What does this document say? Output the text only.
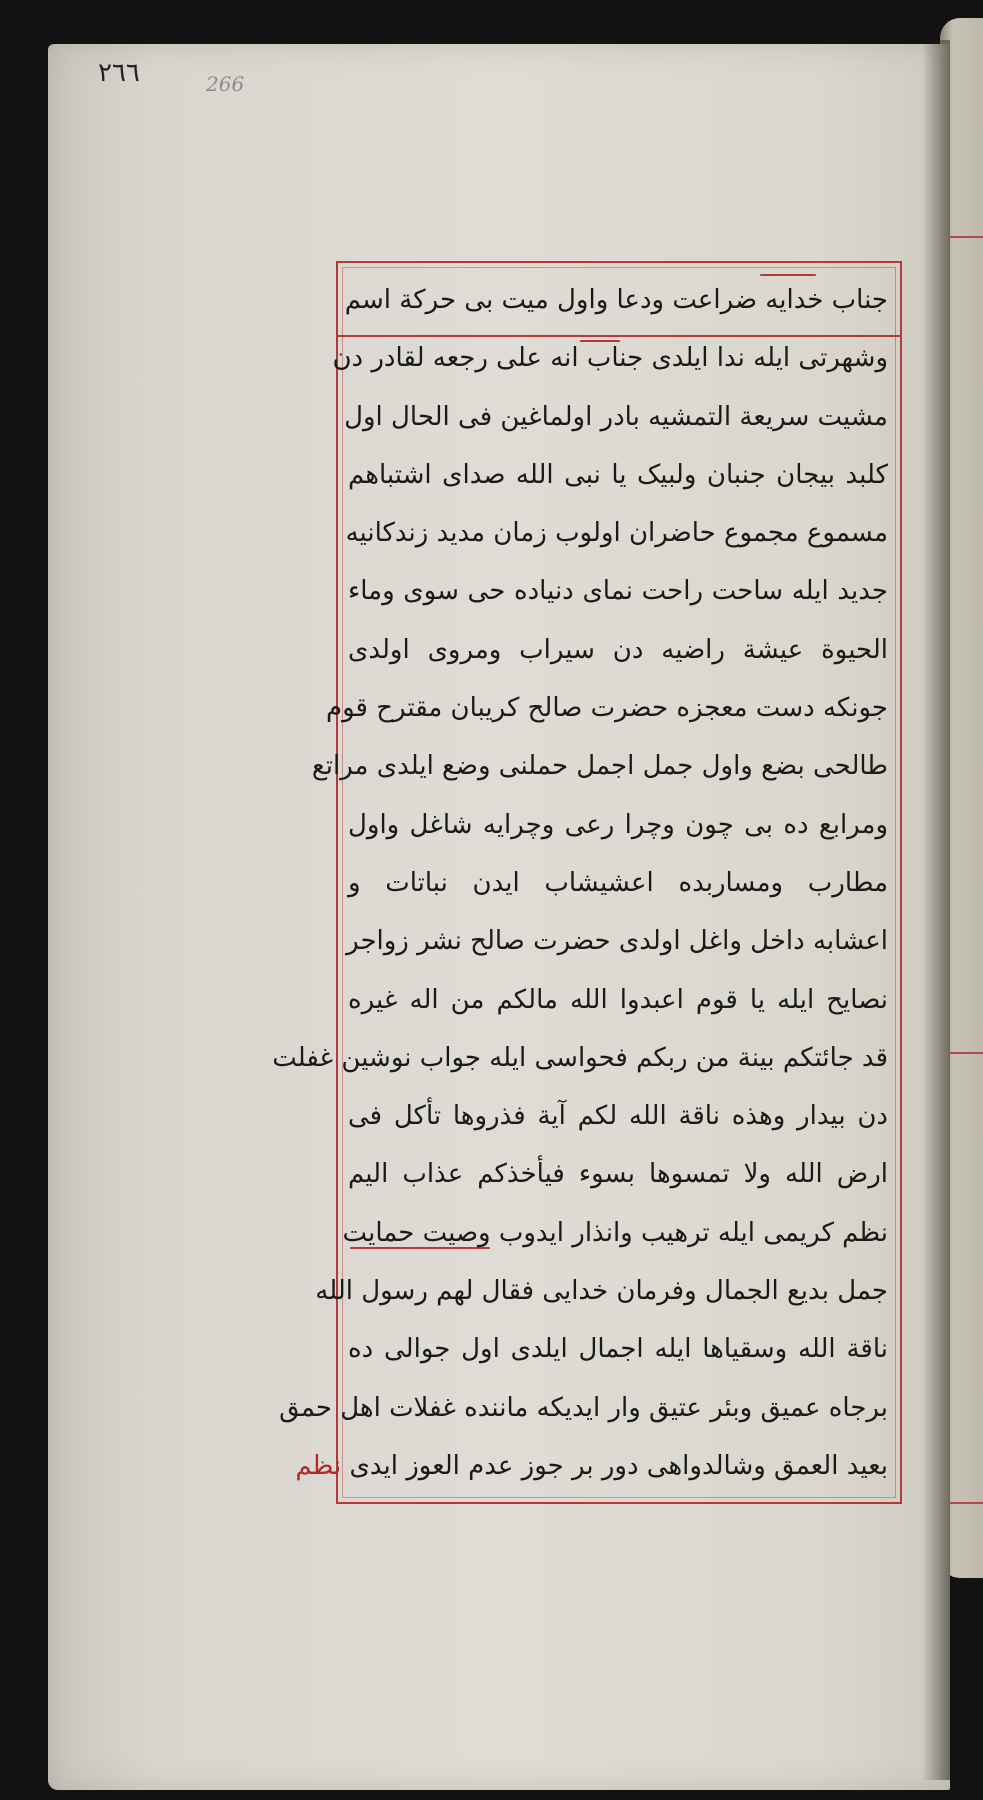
٢٦٦	266
جناب خدایه ضراعت ودعا واول میت بی حرکة اسم
وشهرتی ایله ندا ایلدی جناب انه علی رجعه لقادر دن
مشیت سریعة التمشیه بادر اولماغین فی الحال اول
کلبد بیجان جنبان ولبیک یا نبی الله صدای اشتباهم
مسموع مجموع حاضران اولوب زمان مدید زندکانیه
جدید ایله ساحت راحت نمای دنیاده حی سوی وماء
الحیوة عیشة راضیه دن سیراب ومروی اولدی
جونکه دست معجزه حضرت صالح کریبان مقترح قوم
طالحی بضع واول جمل اجمل حملنی وضع ایلدی مراتع
ومرابع ده بی چون وچرا رعی وچرایه شاغل واول
مطارب ومساربده اعشیشاب ایدن نباتات و
اعشابه داخل واغل اولدی حضرت صالح نشر زواجر
نصایح ایله یا قوم اعبدوا الله مالکم من اله غیره
قد جائتکم بینة من ربکم فحواسی ایله جواب نوشین غفلت
دن بیدار وهذه ناقة الله لکم آیة فذروها تأکل فی
ارض الله ولا تمسوها بسوء فیأخذکم عذاب الیم
نظم کریمی ایله ترهیب وانذار ایدوب وصیت حمایت
جمل بدیع الجمال وفرمان خدایی فقال لهم رسول الله
ناقة الله وسقیاها ایله اجمال ایلدی اول جوالی ده
برجاه عمیق وبئر عتیق وار ایدیکه ماننده غفلات اهل حمق
بعید العمق وشالدواهی دور بر جوز عدم العوز ایدی نظم
